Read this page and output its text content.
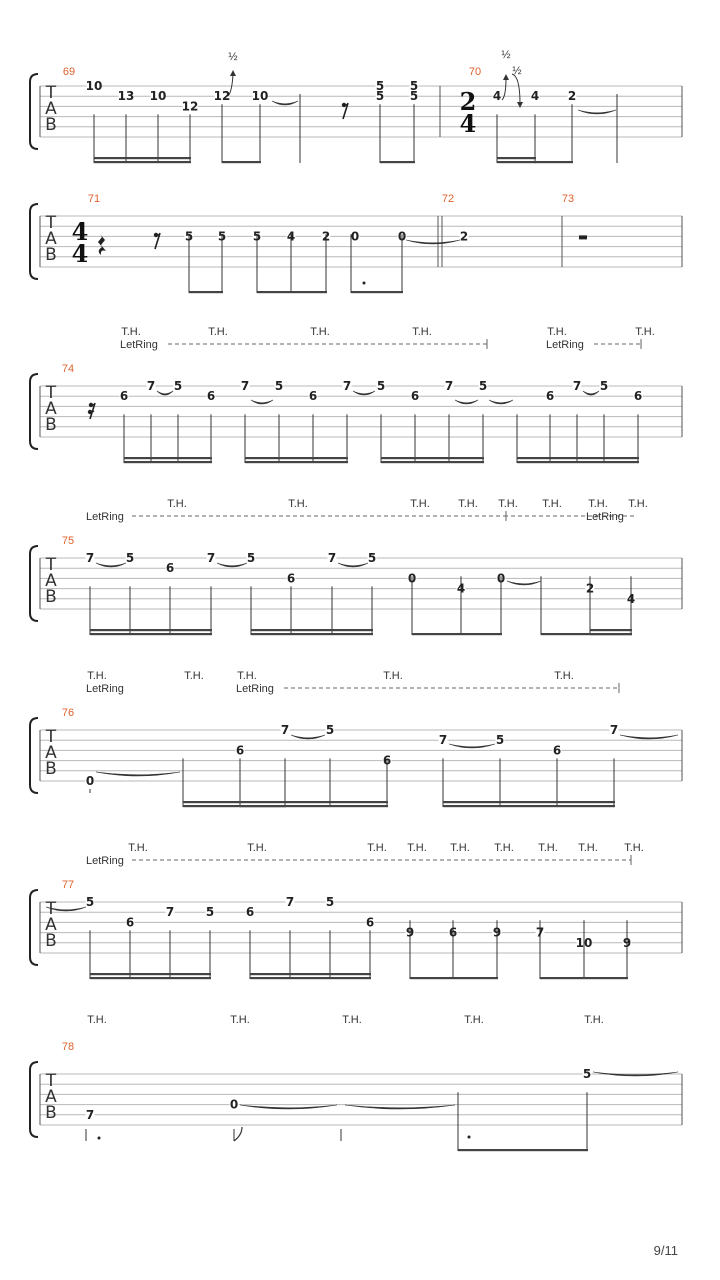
T
A
B
69	70
2
4
10
13 10
12
12 10
5
5
5
5	4 4 2
½	½
½
T
A
B
71	72	73
4
4
5 5 5 4 2 0	0	2
T
A
B
74
6
7 5
6
7 5
6
7 5
6
7 5
6
7 5
6
T.H.	T.H.	T.H.	T.H.	T.H.	T.H.
LetRing	LetRing
T
A
B
75
7	5
6
7	5
6
7	5
0
4
0
2
4
T.H.	T.H.	T.H.	T.H. T.H. T.H. T.H. T.H.
LetRing	LetRing
T
A
B
76
0
6
7	5
6
7	5
6
7
T.H.	T.H.	T.H.	T.H.	T.H.
LetRing	LetRing
T
A
B
77
5
6
7	5	6
7	5
6
9	6	9	7
10	9
T.H.	T.H.	T.H. T.H. T.H. T.H. T.H. T.H. T.H.
LetRing
T
A
B
78
7
0
5
T.H.	T.H.	T.H.	T.H.	T.H.
9/11
